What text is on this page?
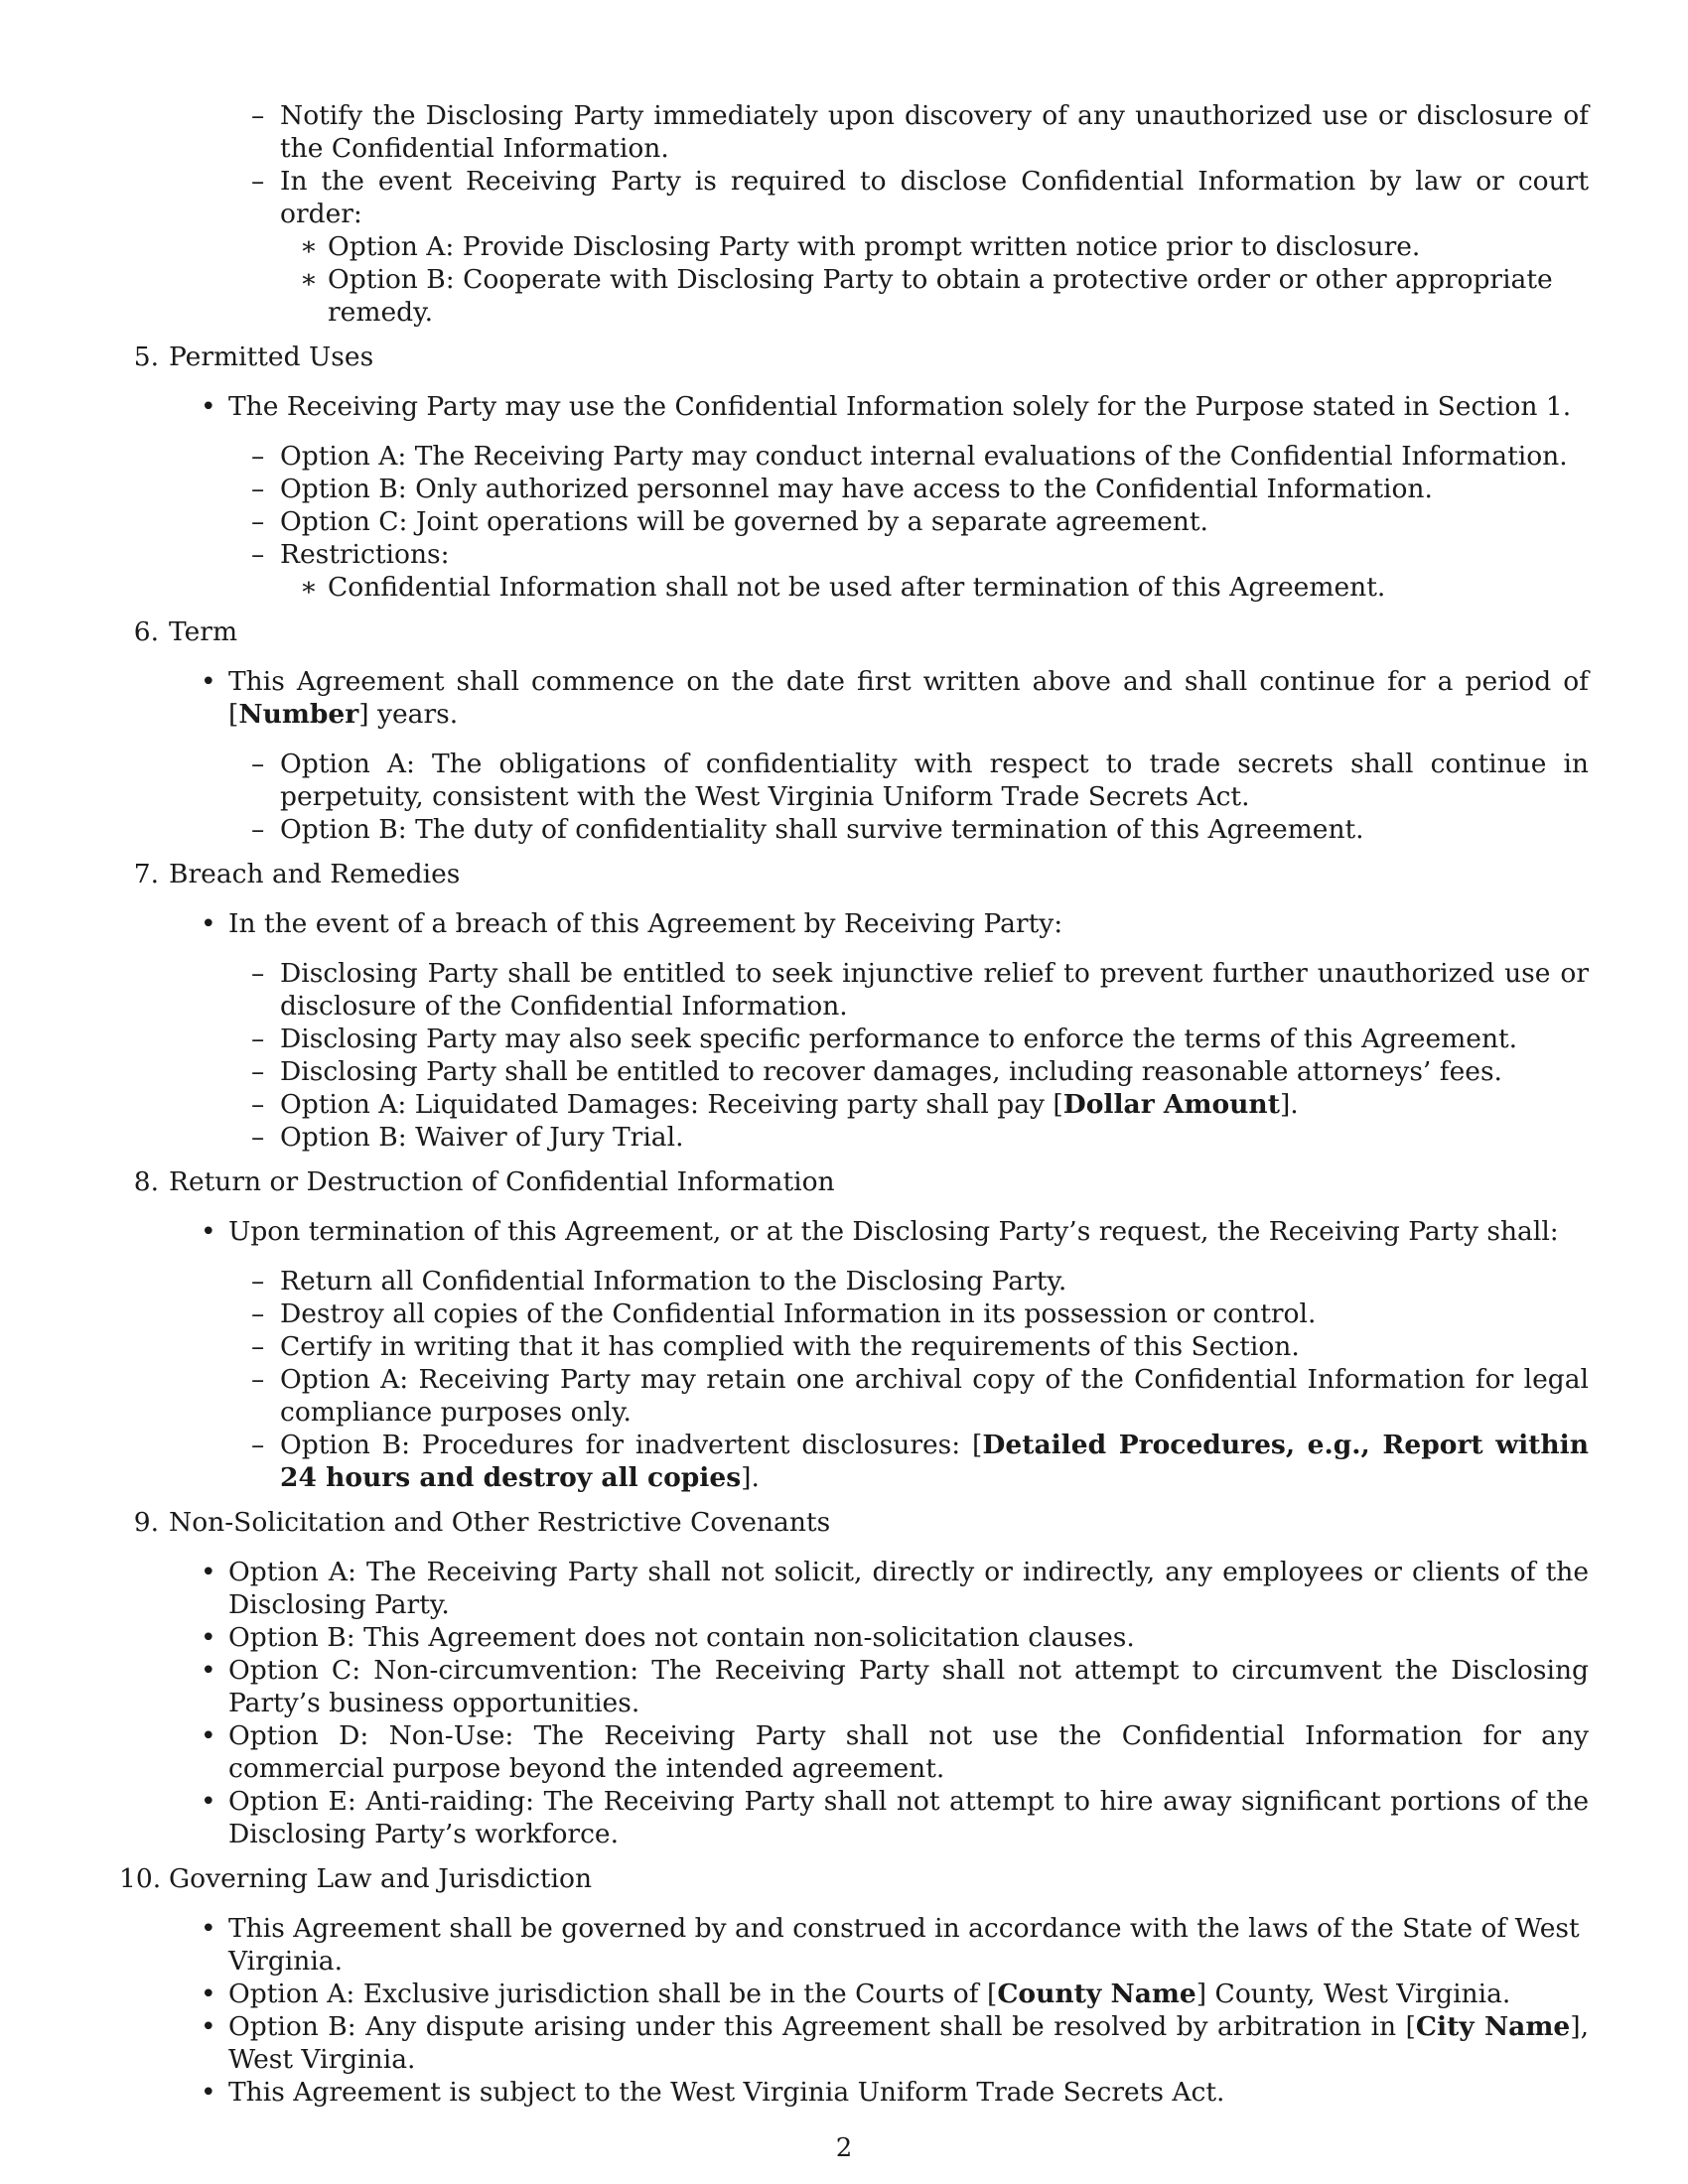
– Notify the Disclosing Party immediately upon discovery of any unauthorized use or disclosure of the Confidential Information.
– In the event Receiving Party is required to disclose Confidential Information by law or court order:
∗ Option A: Provide Disclosing Party with prompt written notice prior to disclosure.
∗ Option B: Cooperate with Disclosing Party to obtain a protective order or other appropriate remedy.
5. Permitted Uses
• The Receiving Party may use the Confidential Information solely for the Purpose stated in Section 1.
– Option A: The Receiving Party may conduct internal evaluations of the Confidential Information.
– Option B: Only authorized personnel may have access to the Confidential Information.
– Option C: Joint operations will be governed by a separate agreement.
– Restrictions:
∗ Confidential Information shall not be used after termination of this Agreement.
6. Term
• This Agreement shall commence on the date first written above and shall continue for a period of [Number] years.
– Option A: The obligations of confidentiality with respect to trade secrets shall continue in perpetuity, consistent with the West Virginia Uniform Trade Secrets Act.
– Option B: The duty of confidentiality shall survive termination of this Agreement.
7. Breach and Remedies
• In the event of a breach of this Agreement by Receiving Party:
– Disclosing Party shall be entitled to seek injunctive relief to prevent further unauthorized use or disclosure of the Confidential Information.
– Disclosing Party may also seek specific performance to enforce the terms of this Agreement.
– Disclosing Party shall be entitled to recover damages, including reasonable attorneys’ fees.
– Option A: Liquidated Damages: Receiving party shall pay [Dollar Amount].
– Option B: Waiver of Jury Trial.
8. Return or Destruction of Confidential Information
• Upon termination of this Agreement, or at the Disclosing Party’s request, the Receiving Party shall:
– Return all Confidential Information to the Disclosing Party.
– Destroy all copies of the Confidential Information in its possession or control.
– Certify in writing that it has complied with the requirements of this Section.
– Option A: Receiving Party may retain one archival copy of the Confidential Information for legal compliance purposes only.
– Option B: Procedures for inadvertent disclosures: [Detailed Procedures, e.g., Report within 24 hours and destroy all copies].
9. Non-Solicitation and Other Restrictive Covenants
• Option A: The Receiving Party shall not solicit, directly or indirectly, any employees or clients of the Disclosing Party.
• Option B: This Agreement does not contain non-solicitation clauses.
• Option C: Non-circumvention: The Receiving Party shall not attempt to circumvent the Disclosing Party’s business opportunities.
• Option D: Non-Use: The Receiving Party shall not use the Confidential Information for any commercial purpose beyond the intended agreement.
• Option E: Anti-raiding: The Receiving Party shall not attempt to hire away significant portions of the Disclosing Party’s workforce.
10. Governing Law and Jurisdiction
• This Agreement shall be governed by and construed in accordance with the laws of the State of West Virginia.
• Option A: Exclusive jurisdiction shall be in the Courts of [County Name] County, West Virginia.
• Option B: Any dispute arising under this Agreement shall be resolved by arbitration in [City Name], West Virginia.
• This Agreement is subject to the West Virginia Uniform Trade Secrets Act.
2
